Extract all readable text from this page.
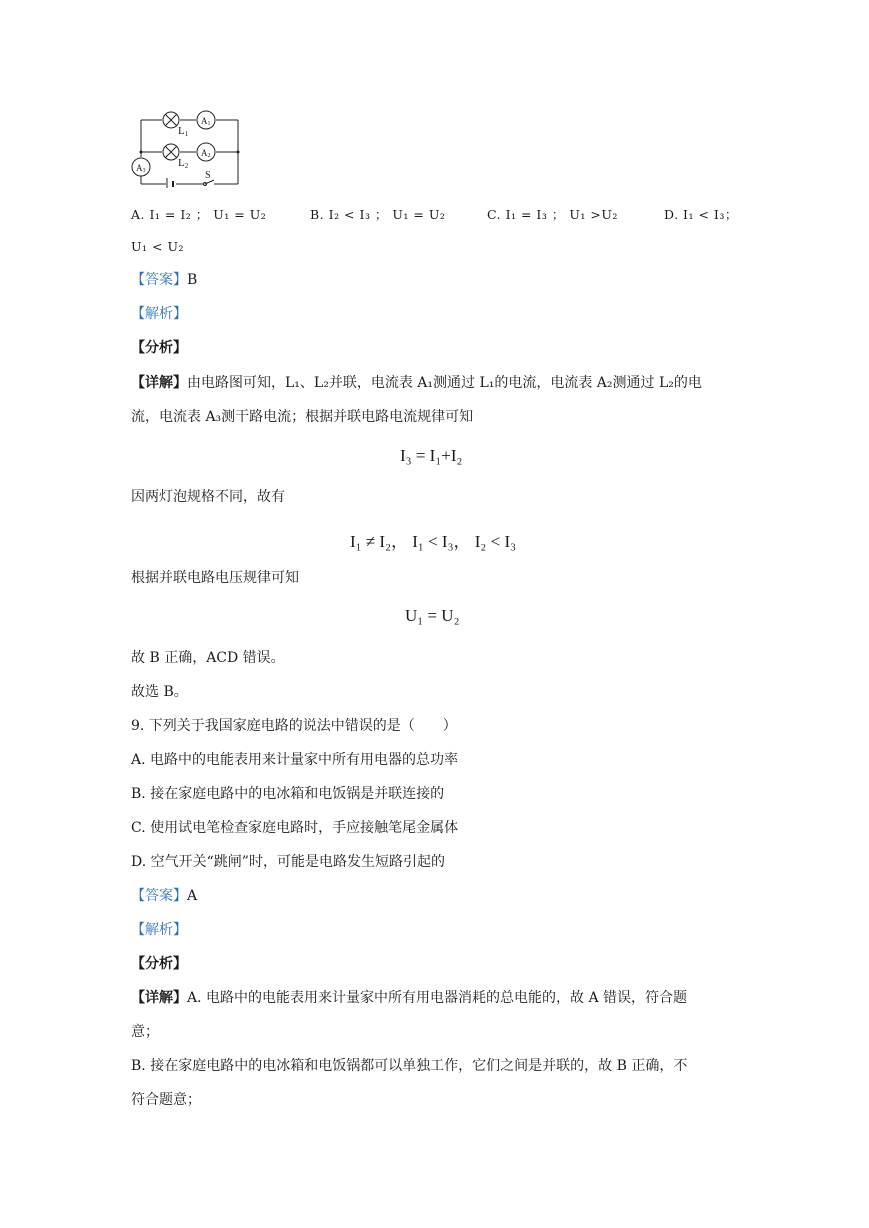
L1
L2
A1
A2
A3	S
A. I₁ = I₂ ； U₁ = U₂	B. I₂ < I₃ ； U₁ = U₂	C. I₁ = I₃ ； U₁ >U₂	D. I₁ < I₃；
U₁ < U₂
【答案】B
【解析】
【分析】
【详解】由电路图可知，L₁、L₂并联，电流表 A₁测通过 L₁的电流，电流表 A₂测通过 L₂的电
流，电流表 A₃测干路电流；根据并联电路电流规律可知
I₃ = I₁+I₂
因两灯泡规格不同，故有
I₁ ≠ I₂， I₁ < I₃， I₂ < I₃
根据并联电路电压规律可知
U₁ = U₂
故 B 正确，ACD 错误。
故选 B。
9. 下列关于我国家庭电路的说法中错误的是（　　）
A. 电路中的电能表用来计量家中所有用电器的总功率
B. 接在家庭电路中的电冰箱和电饭锅是并联连接的
C. 使用试电笔检查家庭电路时，手应接触笔尾金属体
D. 空气开关“跳闸”时，可能是电路发生短路引起的
【答案】A
【解析】
【分析】
【详解】A. 电路中的电能表用来计量家中所有用电器消耗的总电能的，故 A 错误，符合题
意；
B. 接在家庭电路中的电冰箱和电饭锅都可以单独工作，它们之间是并联的，故 B 正确，不
符合题意；
